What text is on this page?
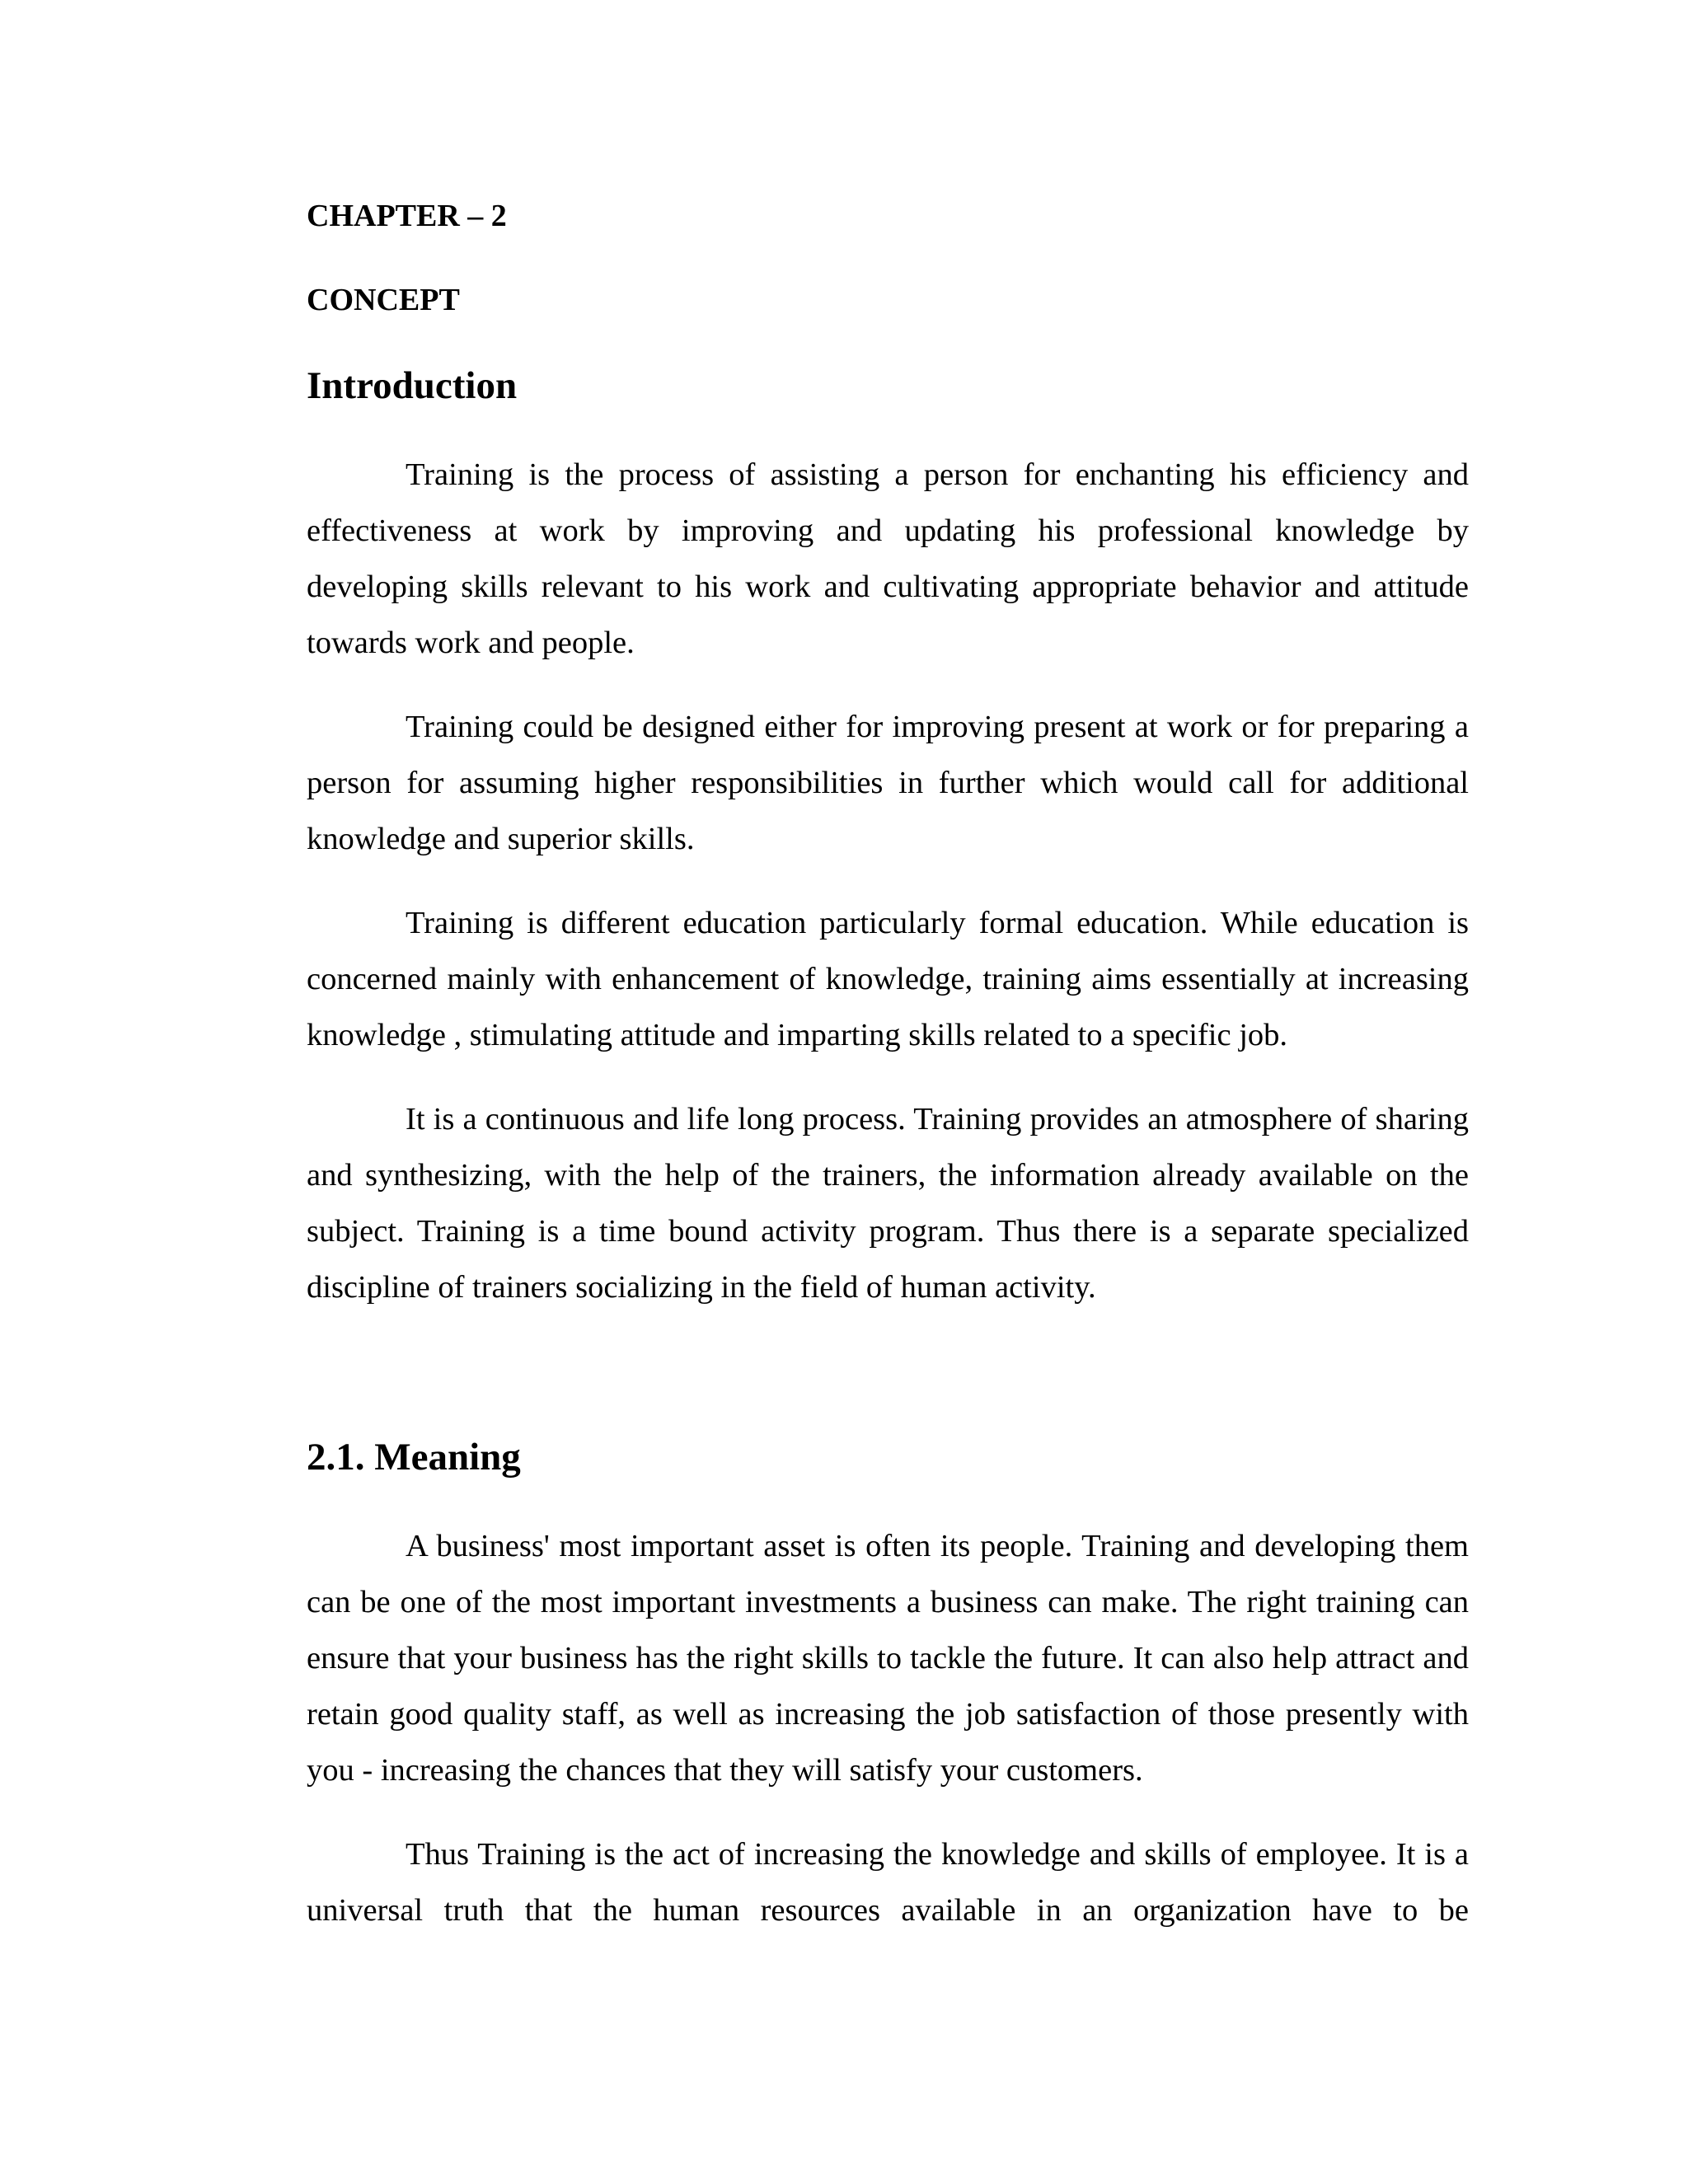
CHAPTER – 2

CONCEPT

Introduction

Training is the process of assisting a person for enchanting his efficiency and effectiveness at work by improving and updating his professional knowledge by developing skills relevant to his work and cultivating appropriate behavior and attitude towards work and people.

Training could be designed either for improving present at work or for preparing a person for assuming higher responsibilities in further which would call for additional knowledge and superior skills.

Training is different education particularly formal education. While education is concerned mainly with enhancement of knowledge, training aims essentially at increasing knowledge , stimulating attitude and imparting skills related to a specific job.

It is a continuous and life long process. Training provides an atmosphere of sharing and synthesizing, with the help of the trainers, the information already available on the subject. Training is a time bound activity program. Thus there is a separate specialized discipline of trainers socializing in the field of human activity.

2.1. Meaning

A business' most important asset is often its people. Training and developing them can be one of the most important investments a business can make. The right training can ensure that your business has the right skills to tackle the future. It can also help attract and retain good quality staff, as well as increasing the job satisfaction of those presently with you - increasing the chances that they will satisfy your customers.

Thus Training is the act of increasing the knowledge and skills of employee. It is a universal truth that the human resources available in an organization have to be
